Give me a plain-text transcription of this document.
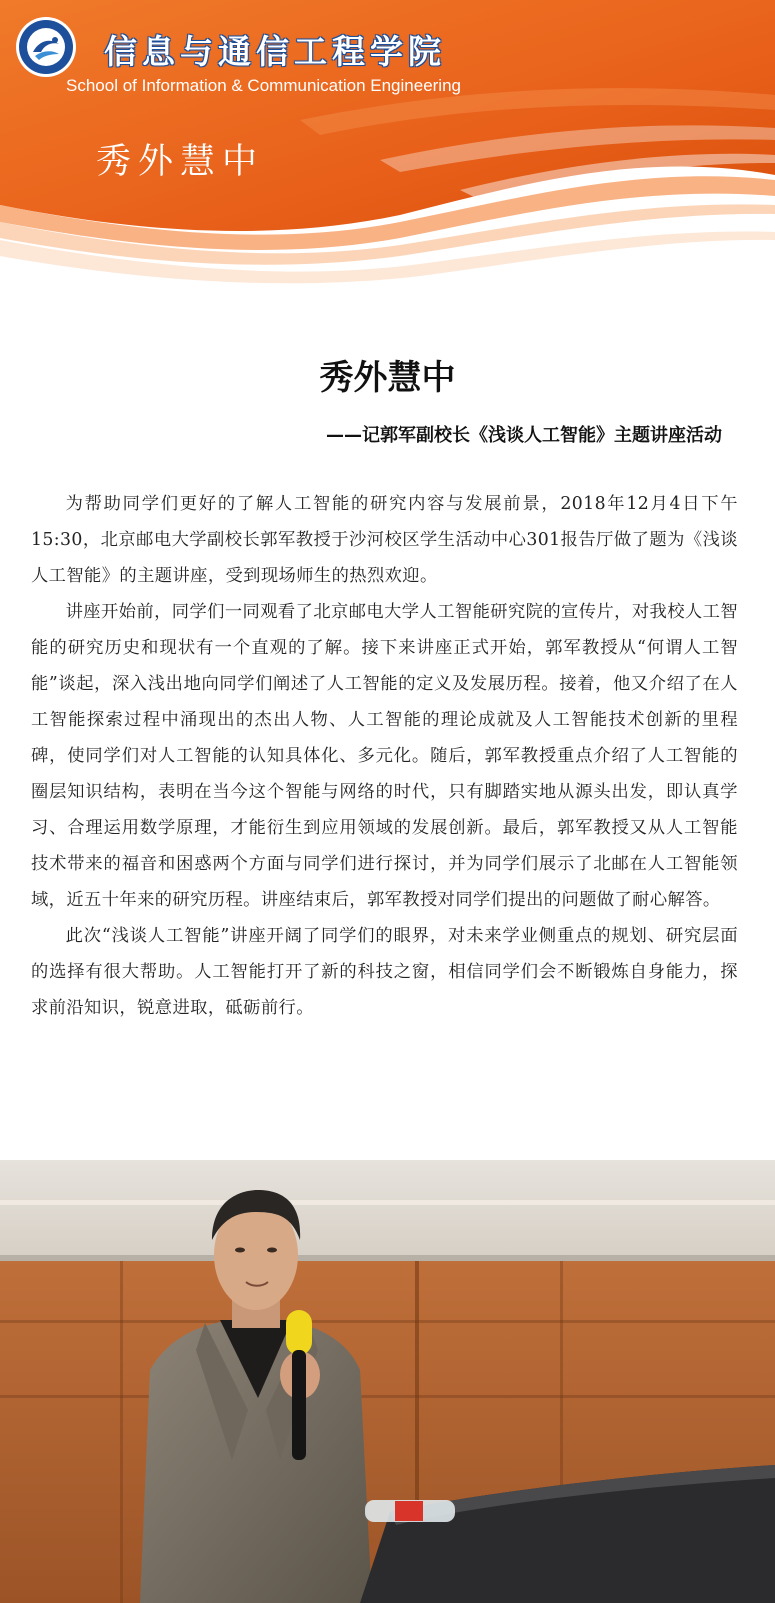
信息与通信工程学院
School of Information & Communication Engineering
秀外慧中
秀外慧中
——记郭军副校长《浅谈人工智能》主题讲座活动

为帮助同学们更好的了解人工智能的研究内容与发展前景，2018年12月4日下午15:30，北京邮电大学副校长郭军教授于沙河校区学生活动中心301报告厅做了题为《浅谈人工智能》的主题讲座，受到现场师生的热烈欢迎。

讲座开始前，同学们一同观看了北京邮电大学人工智能研究院的宣传片，对我校人工智能的研究历史和现状有一个直观的了解。接下来讲座正式开始，郭军教授从“何谓人工智能”谈起，深入浅出地向同学们阐述了人工智能的定义及发展历程。接着，他又介绍了在人工智能探索过程中涌现出的杰出人物、人工智能的理论成就及人工智能技术创新的里程碑，使同学们对人工智能的认知具体化、多元化。随后，郭军教授重点介绍了人工智能的圈层知识结构，表明在当今这个智能与网络的时代，只有脚踏实地从源头出发，即认真学习、合理运用数学原理，才能衍生到应用领域的发展创新。最后，郭军教授又从人工智能技术带来的福音和困惑两个方面与同学们进行探讨，并为同学们展示了北邮在人工智能领域，近五十年来的研究历程。讲座结束后，郭军教授对同学们提出的问题做了耐心解答。

此次“浅谈人工智能”讲座开阔了同学们的眼界，对未来学业侧重点的规划、研究层面的选择有很大帮助。人工智能打开了新的科技之窗，相信同学们会不断锻炼自身能力，探求前沿知识，锐意进取，砥砺前行。
